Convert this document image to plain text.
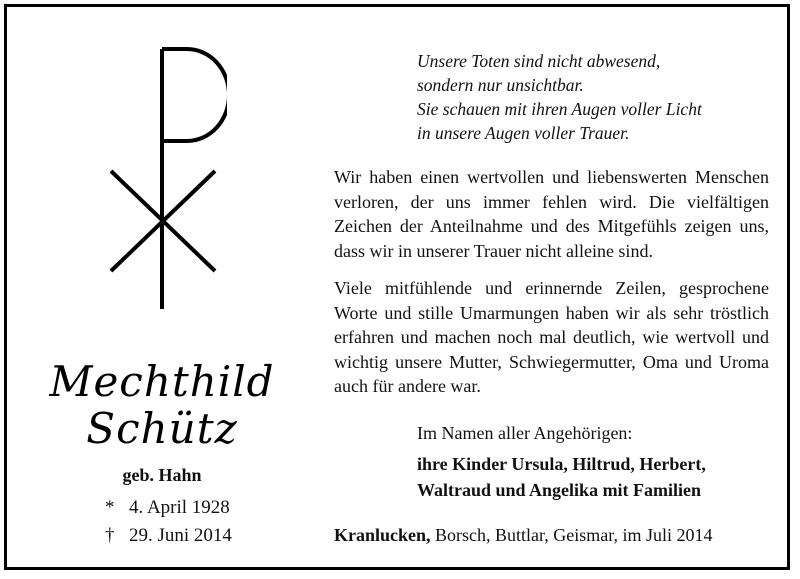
Mechthild
Schütz
geb. Hahn
* 4. April 1928
† 29. Juni 2014
Unsere Toten sind nicht abwesend,
sondern nur unsichtbar.
Sie schauen mit ihren Augen voller Licht
in unsere Augen voller Trauer.
Wir haben einen wertvollen und liebenswerten Menschen verloren, der uns immer fehlen wird. Die vielfältigen Zeichen der Anteilnahme und des Mitgefühls zeigen uns, dass wir in unserer Trauer nicht alleine sind.
Viele mitfühlende und erinnernde Zeilen, gesprochene Worte und stille Umarmungen haben wir als sehr tröstlich erfahren und machen noch mal deutlich, wie wertvoll und wichtig unsere Mutter, Schwiegermutter, Oma und Uroma auch für andere war.
Im Namen aller Angehörigen:
ihre Kinder Ursula, Hiltrud, Herbert,
Waltraud und Angelika mit Familien
Kranlucken, Borsch, Buttlar, Geismar, im Juli 2014
